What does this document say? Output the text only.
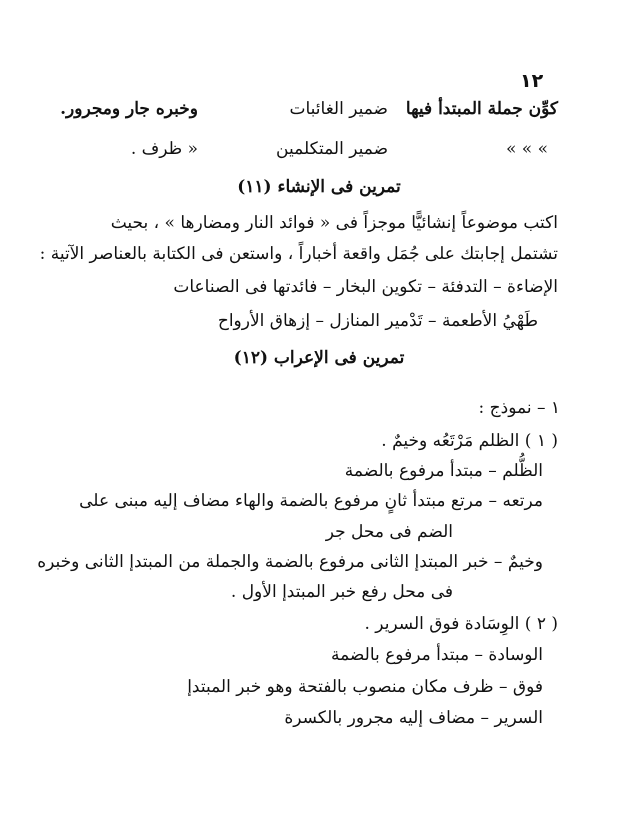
١٢
كوِّن جملة المبتدأ فيها
ضمير الغائبات
وخبره جار ومجرور.
« « «
ضمير المتكلمين
« ظرف .
تمرين فى الإنشاء (١١)
اكتب موضوعاً إنشائيًّا موجزاً فى « فوائد النار ومضارها » ، بحيث
تشتمل إجابتك على جُمَل واقعة أخباراً ، واستعن فى الكتابة بالعناصر الآتية :
الإضاءة – التدفئة – تكوين البخار – فائدتها فى الصناعات
طَهْيُ الأطعمة – تَدْمير المنازل – إزهاق الأرواح
تمرين فى الإعراب (١٢)
١ – نموذج :
( ١ ) الظلم مَرْتَعُه وخيمٌ .
الظُّلم – مبتدأ مرفوع بالضمة
مرتعه – مرتع مبتدأ ثانٍ مرفوع بالضمة والهاء مضاف إليه مبنى على
الضم فى محل جر
وخيمٌ – خبر المبتدإ الثانى مرفوع بالضمة والجملة من المبتدإ الثانى وخبره
فى محل رفع خبر المبتدإ الأول .
( ٢ ) الوِسَادة فوق السرير .
الوسادة – مبتدأ مرفوع بالضمة
فوق – ظرف مكان منصوب بالفتحة وهو خبر المبتدإ
السرير – مضاف إليه مجرور بالكسرة
